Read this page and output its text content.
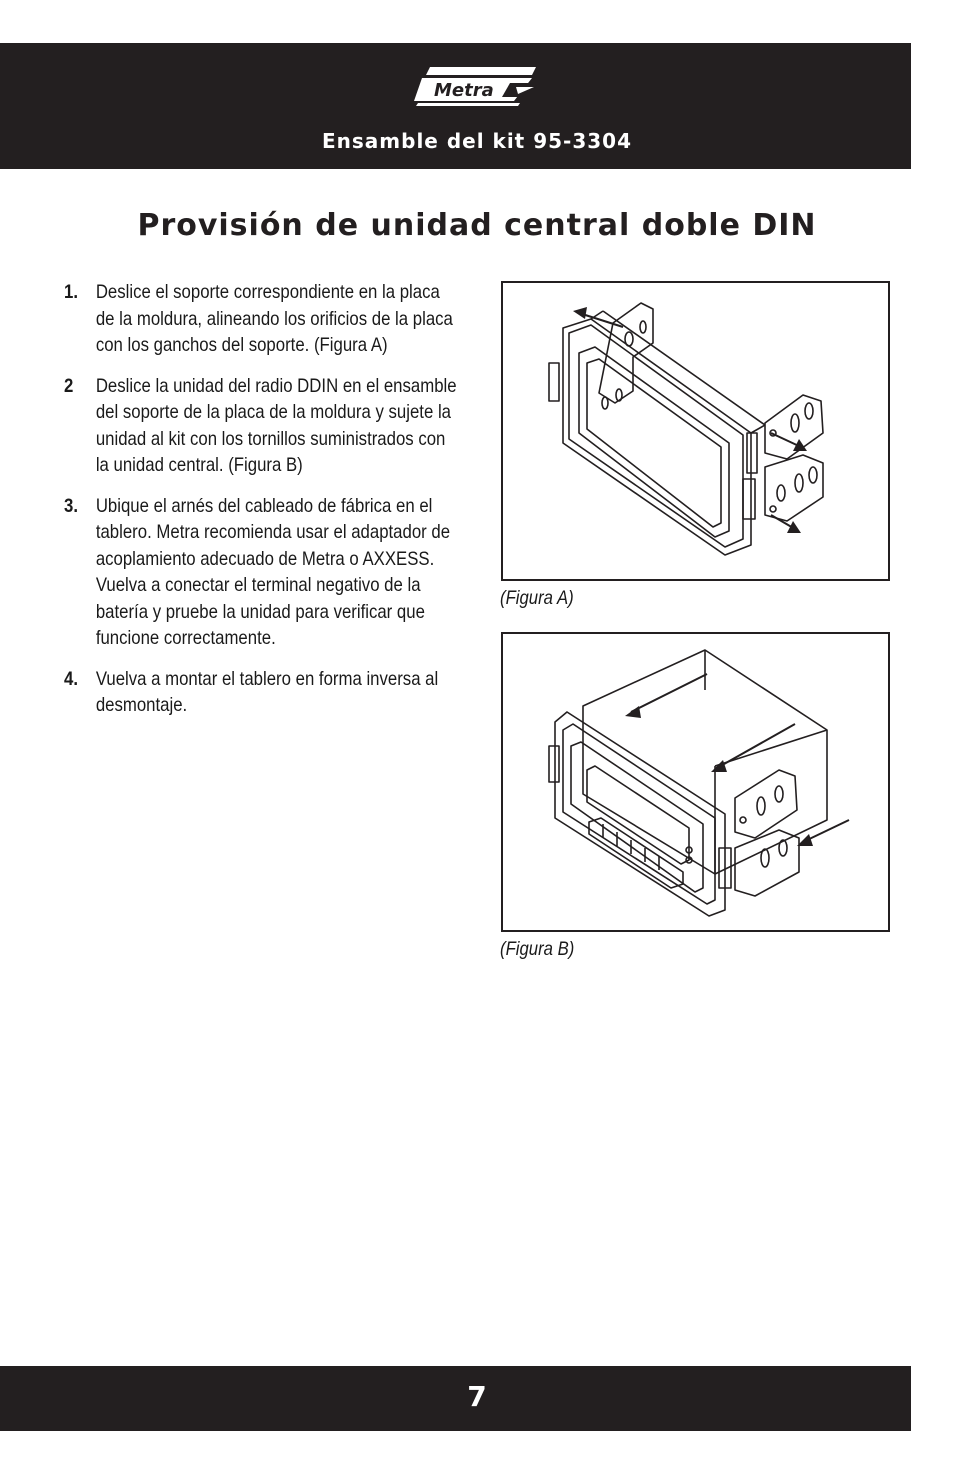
Metra
Ensamble del kit 95-3304
Provisión de unidad central doble DIN
1. Deslice el soporte correspondiente en la placa de la moldura, alineando los orificios de la placa con los ganchos del soporte. (Figura A)
2	Deslice la unidad del radio DDIN en el ensamble del soporte de la placa de la moldura y sujete la unidad al kit con los tornillos suministrados con la unidad central. (Figura B)
3. Ubique el arnés del cableado de fábrica en el tablero. Metra recomienda usar el adaptador de acoplamiento adecuado de Metra o AXXESS. Vuelva a conectar el terminal negativo de la batería y pruebe la unidad para verificar que funcione correctamente.
4. Vuelva a montar el tablero en forma inversa al desmontaje.
(Figura A)
(Figura B)
7
